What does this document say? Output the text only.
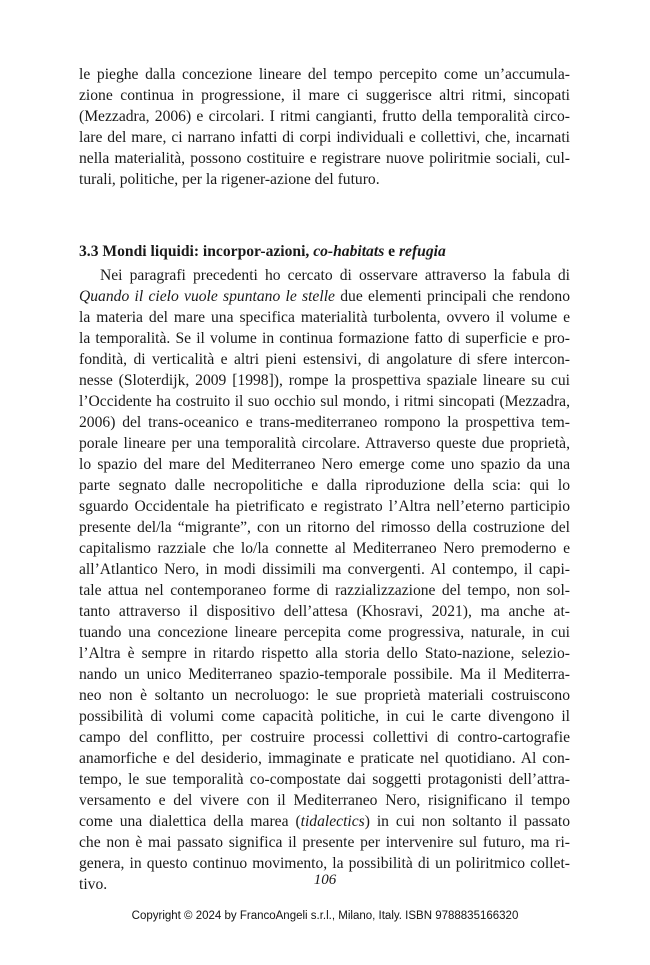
le pieghe dalla concezione lineare del tempo percepito come un’accumula-
zione continua in progressione, il mare ci suggerisce altri ritmi, sincopati
(Mezzadra, 2006) e circolari. I ritmi cangianti, frutto della temporalità circo-
lare del mare, ci narrano infatti di corpi individuali e collettivi, che, incarnati
nella materialità, possono costituire e registrare nuove poliritmie sociali, cul-
turali, politiche, per la rigener-azione del futuro.
3.3 Mondi liquidi: incorpor-azioni, co-habitats e refugia
Nei paragrafi precedenti ho cercato di osservare attraverso la fabula di
Quando il cielo vuole spuntano le stelle due elementi principali che rendono
la materia del mare una specifica materialità turbolenta, ovvero il volume e
la temporalità. Se il volume in continua formazione fatto di superficie e pro-
fondità, di verticalità e altri pieni estensivi, di angolature di sfere intercon-
nesse (Sloterdijk, 2009 [1998]), rompe la prospettiva spaziale lineare su cui
l’Occidente ha costruito il suo occhio sul mondo, i ritmi sincopati (Mezzadra,
2006) del trans-oceanico e trans-mediterraneo rompono la prospettiva tem-
porale lineare per una temporalità circolare. Attraverso queste due proprietà,
lo spazio del mare del Mediterraneo Nero emerge come uno spazio da una
parte segnato dalle necropolitiche e dalla riproduzione della scia: qui lo
sguardo Occidentale ha pietrificato e registrato l’Altra nell’eterno participio
presente del/la “migrante”, con un ritorno del rimosso della costruzione del
capitalismo razziale che lo/la connette al Mediterraneo Nero premoderno e
all’Atlantico Nero, in modi dissimili ma convergenti. Al contempo, il capi-
tale attua nel contemporaneo forme di razzializzazione del tempo, non sol-
tanto attraverso il dispositivo dell’attesa (Khosravi, 2021), ma anche at-
tuando una concezione lineare percepita come progressiva, naturale, in cui
l’Altra è sempre in ritardo rispetto alla storia dello Stato-nazione, selezio-
nando un unico Mediterraneo spazio-temporale possibile. Ma il Mediterra-
neo non è soltanto un necroluogo: le sue proprietà materiali costruiscono
possibilità di volumi come capacità politiche, in cui le carte divengono il
campo del conflitto, per costruire processi collettivi di contro-cartografie
anamorfiche e del desiderio, immaginate e praticate nel quotidiano. Al con-
tempo, le sue temporalità co-compostate dai soggetti protagonisti dell’attra-
versamento e del vivere con il Mediterraneo Nero, risignificano il tempo
come una dialettica della marea (tidalectics) in cui non soltanto il passato
che non è mai passato significa il presente per intervenire sul futuro, ma ri-
genera, in questo continuo movimento, la possibilità di un poliritmico collet-
tivo.	106
Copyright © 2024 by FrancoAngeli s.r.l., Milano, Italy. ISBN 9788835166320
